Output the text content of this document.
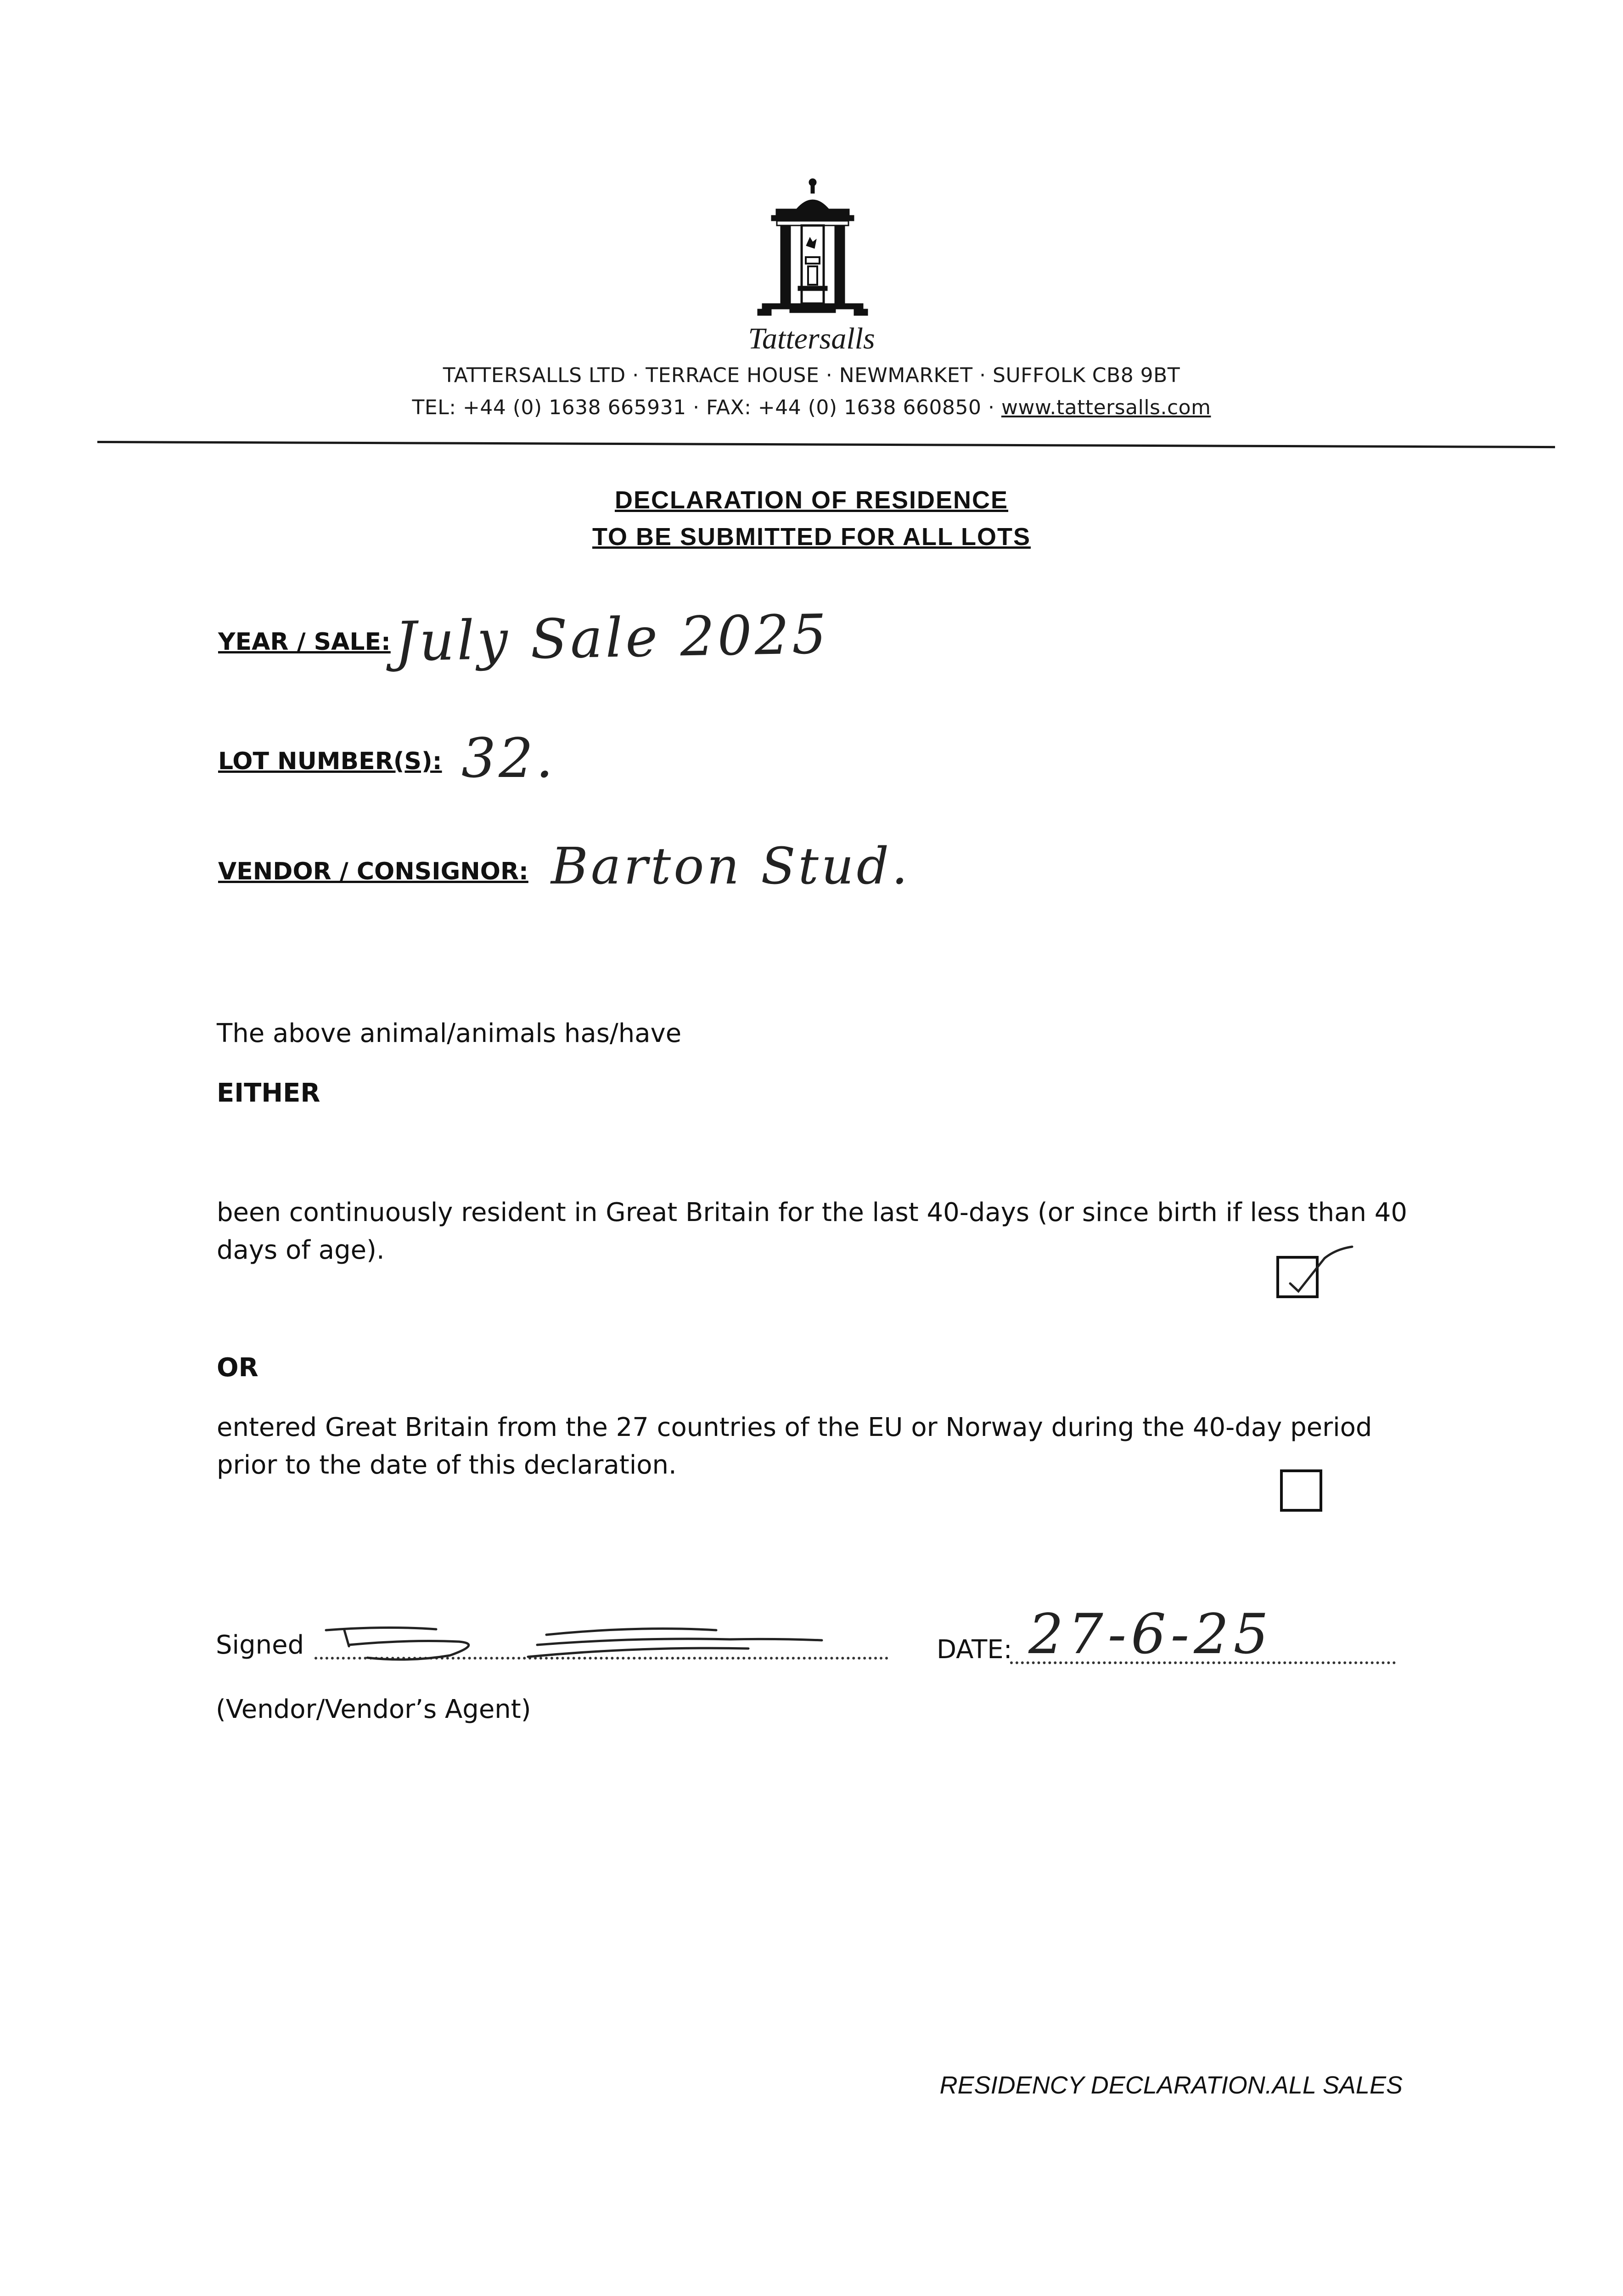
Tattersalls
TATTERSALLS LTD · TERRACE HOUSE · NEWMARKET · SUFFOLK CB8 9BT
TEL: +44 (0) 1638 665931 · FAX: +44 (0) 1638 660850 · www.tattersalls.com
DECLARATION OF RESIDENCE
TO BE SUBMITTED FOR ALL LOTS
YEAR / SALE: July Sale 2025
LOT NUMBER(S): 32.
VENDOR / CONSIGNOR: Barton Stud.
The above animal/animals has/have
EITHER
been continuously resident in Great Britain for the last 40-days (or since birth if less than 40 days of age).
OR
entered Great Britain from the 27 countries of the EU or Norway during the 40-day period prior to the date of this declaration.
Signed	DATE: 27-6-25
(Vendor/Vendor’s Agent)
RESIDENCY DECLARATION.ALL SALES
